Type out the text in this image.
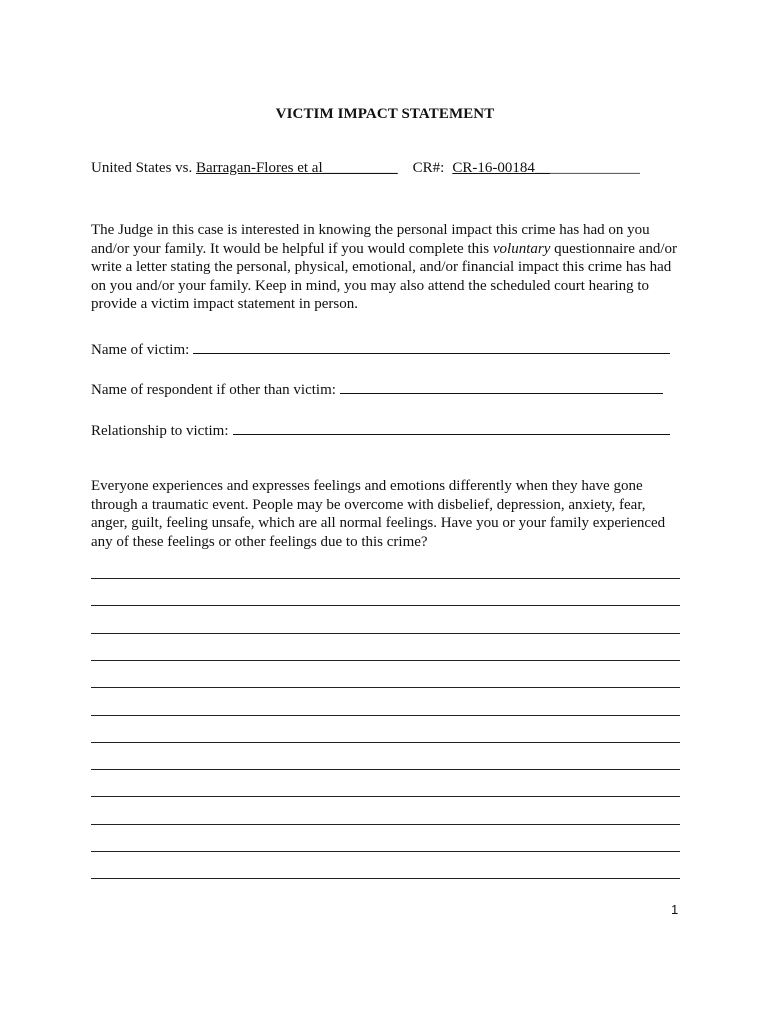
VICTIM IMPACT STATEMENT
United States vs. Barragan-Flores et al__________ CR#: CR-16-00184______________
The Judge in this case is interested in knowing the personal impact this crime has had on you
and/or your family. It would be helpful if you would complete this voluntary questionnaire and/or
write a letter stating the personal, physical, emotional, and/or financial impact this crime has had
on you and/or your family. Keep in mind, you may also attend the scheduled court hearing to
provide a victim impact statement in person.
Name of victim:
Name of respondent if other than victim:
Relationship to victim:
Everyone experiences and expresses feelings and emotions differently when they have gone
through a traumatic event. People may be overcome with disbelief, depression, anxiety, fear,
anger, guilt, feeling unsafe, which are all normal feelings. Have you or your family experienced
any of these feelings or other feelings due to this crime?
1
